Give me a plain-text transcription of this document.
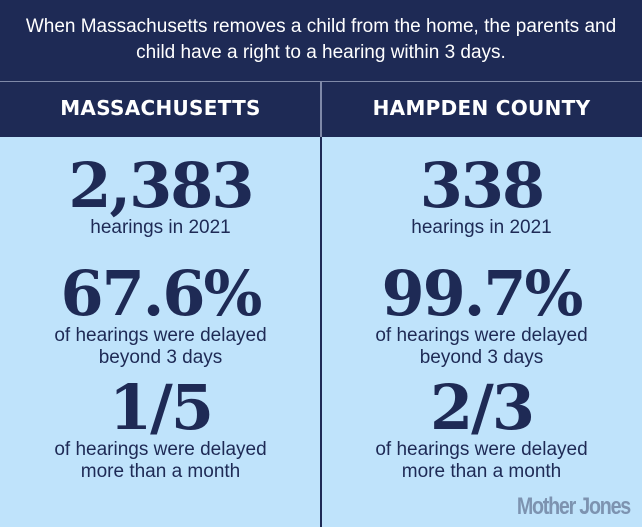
When Massachusetts removes a child from the home, the parents and child have a right to a hearing within 3 days.
MASSACHUSETTS	HAMPDEN COUNTY
2,383
hearings in 2021
67.6%
of hearings were delayed
beyond 3 days
1/5
of hearings were delayed
more than a month
338
hearings in 2021
99.7%
of hearings were delayed
beyond 3 days
2/3
of hearings were delayed
more than a month
Mother Jones
